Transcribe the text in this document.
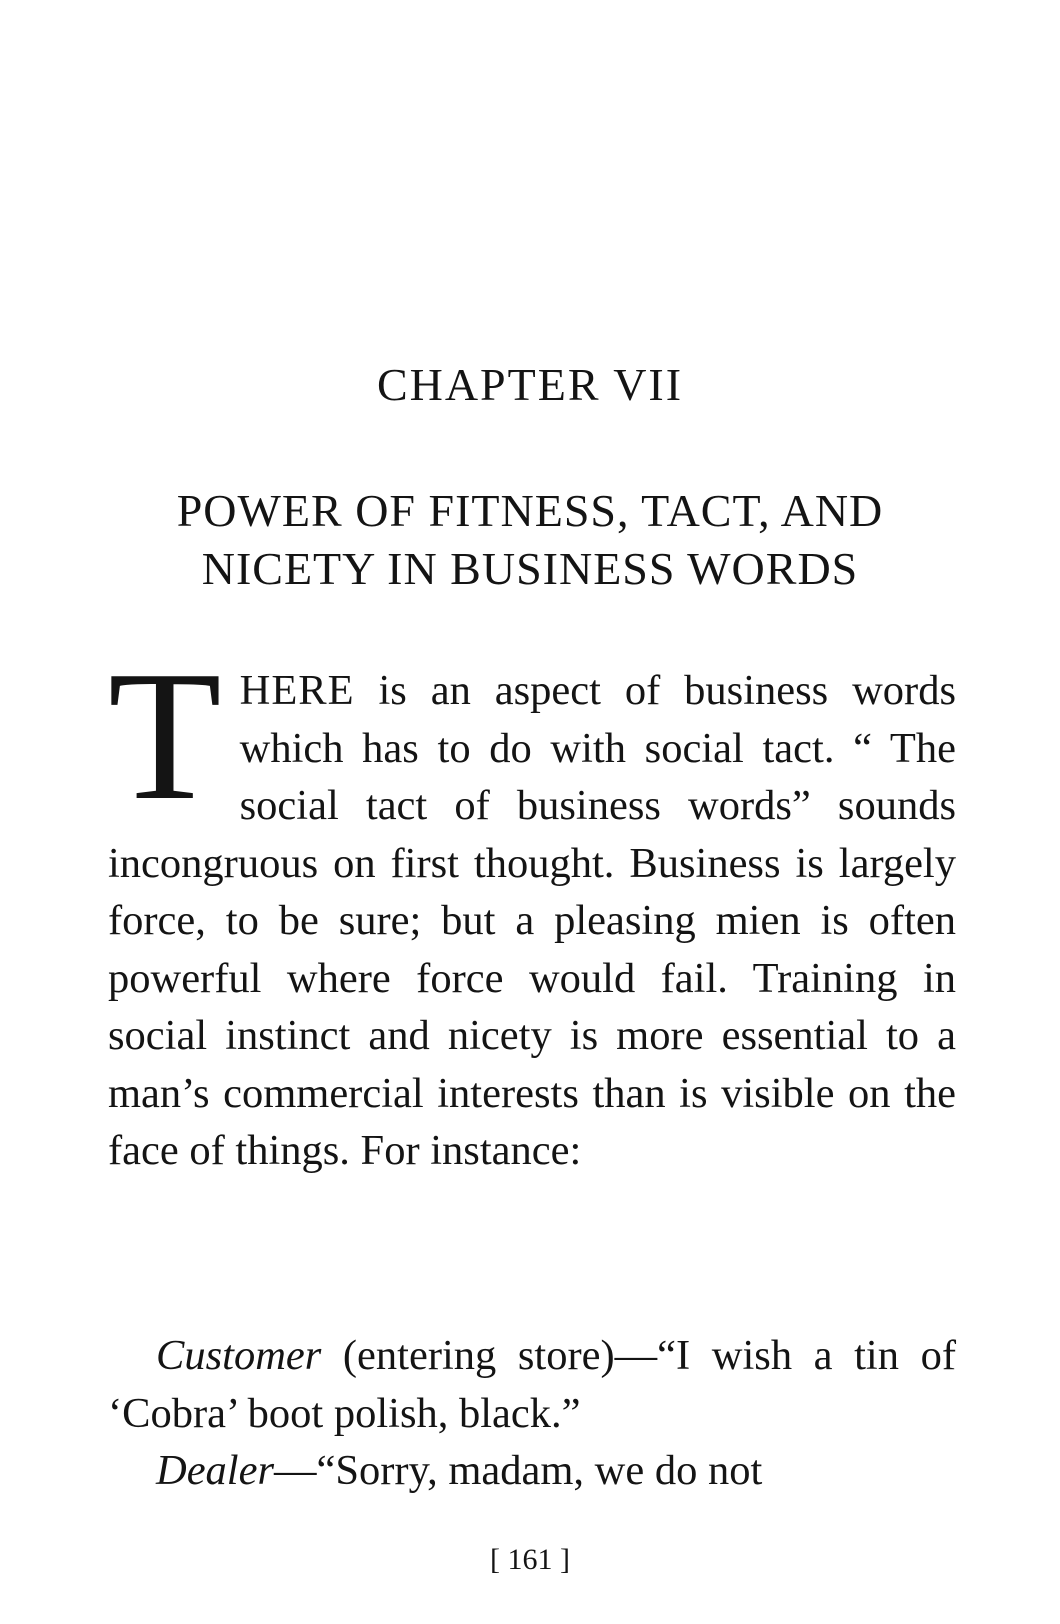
CHAPTER VII
POWER OF FITNESS, TACT, AND NICETY IN BUSINESS WORDS

THERE is an aspect of business words which has to do with social tact. “ The social tact of business words” sounds incongruous on first thought. Business is largely force, to be sure; but a pleasing mien is often powerful where force would fail. Training in social instinct and nicety is more essential to a man’s commercial interests than is visible on the face of things. For instance:

Customer (entering store)—“I wish a tin of ‘Cobra’ boot polish, black.”

Dealer—“Sorry, madam, we do not

[ 161 ]
